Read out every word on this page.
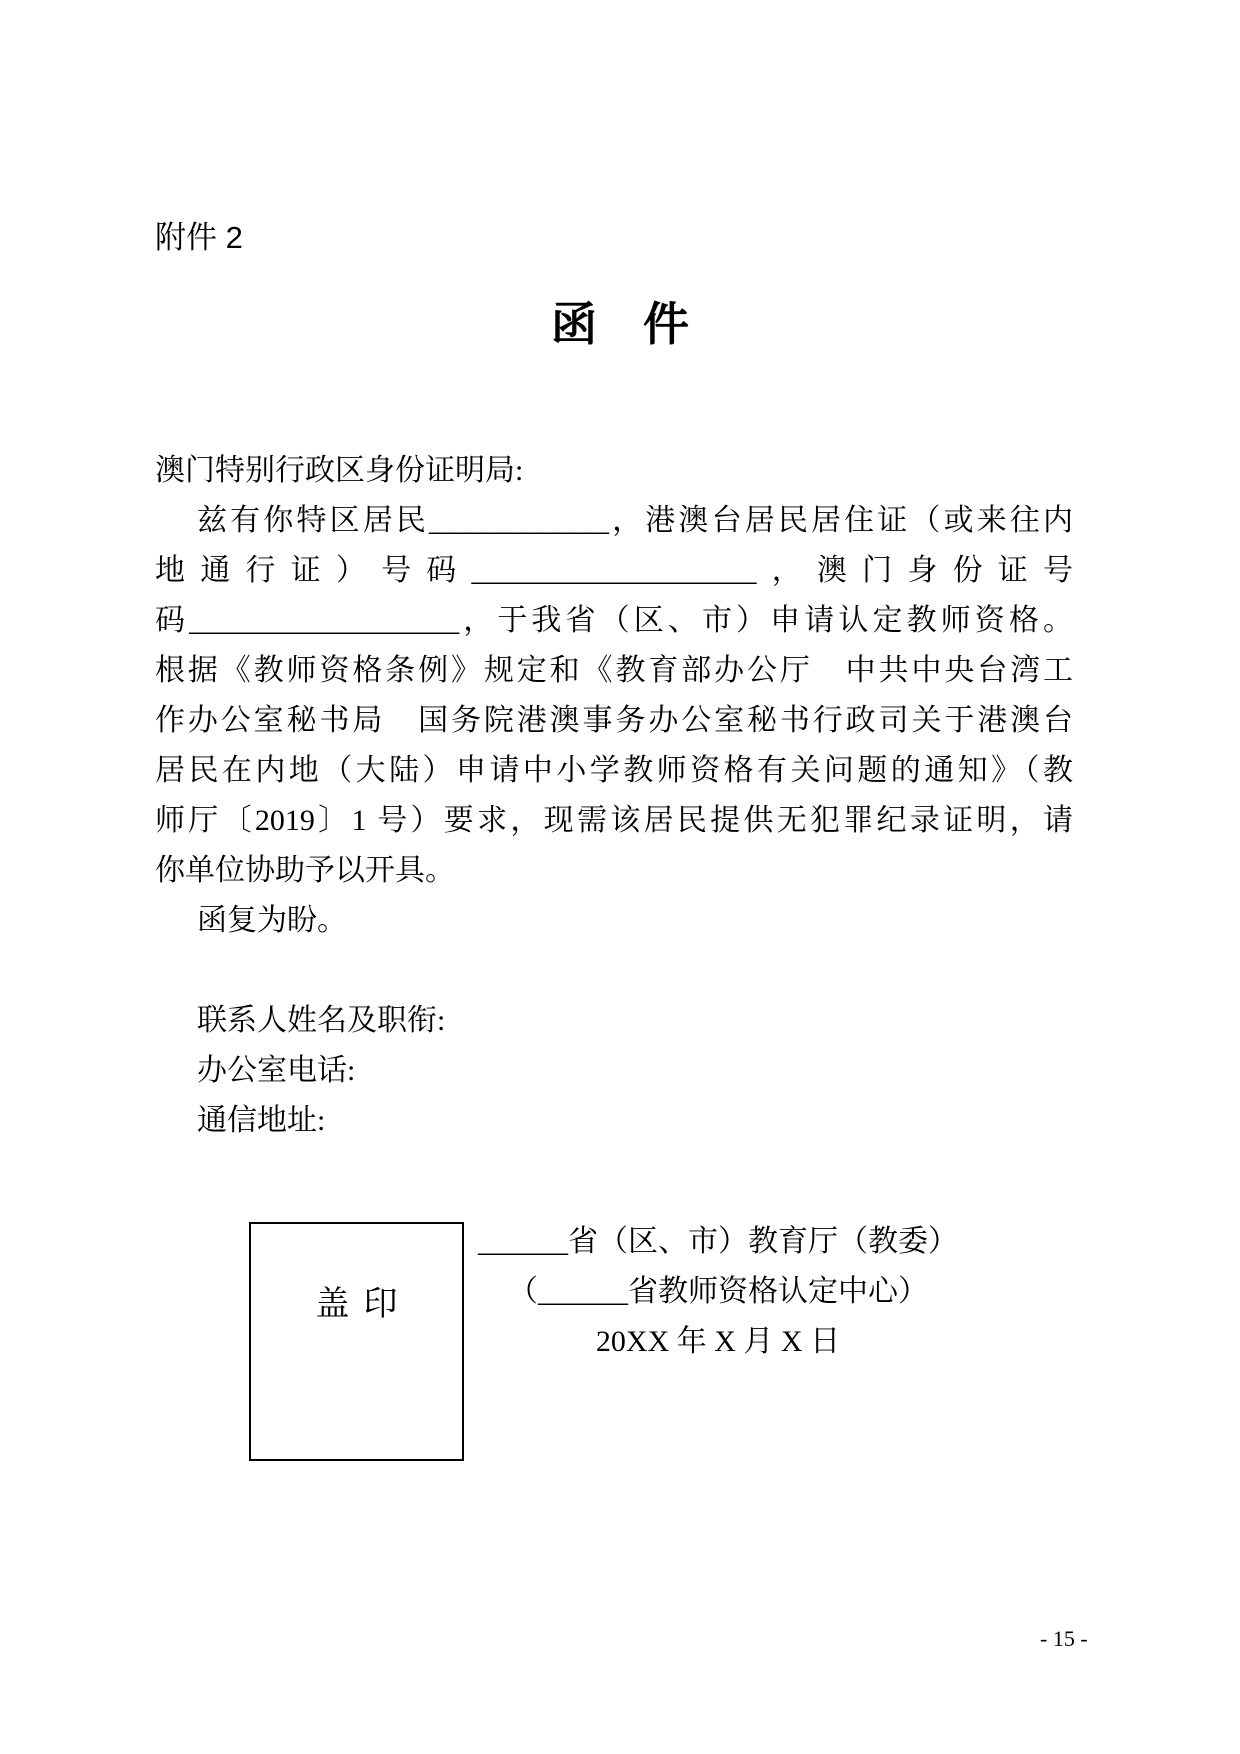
附件 2
函　件
澳门特别行政区身份证明局:
兹有你特区居民____________，港澳台居民居住证（或来往内
地通行证）号码___________________，澳门身份证号
码__________________，于我省（区、市）申请认定教师资格。
根据《教师资格条例》规定和《教育部办公厅　中共中央台湾工
作办公室秘书局　国务院港澳事务办公室秘书行政司关于港澳台
居民在内地（大陆）申请中小学教师资格有关问题的通知》（教
师厅〔2019〕1 号）要求，现需该居民提供无犯罪纪录证明，请
你单位协助予以开具。
函复为盼。
联系人姓名及职衔:
办公室电话:
通信地址:
盖印
______省（区、市）教育厅（教委）
（______省教师资格认定中心）
20XX 年 X 月 X 日
- 15 -
